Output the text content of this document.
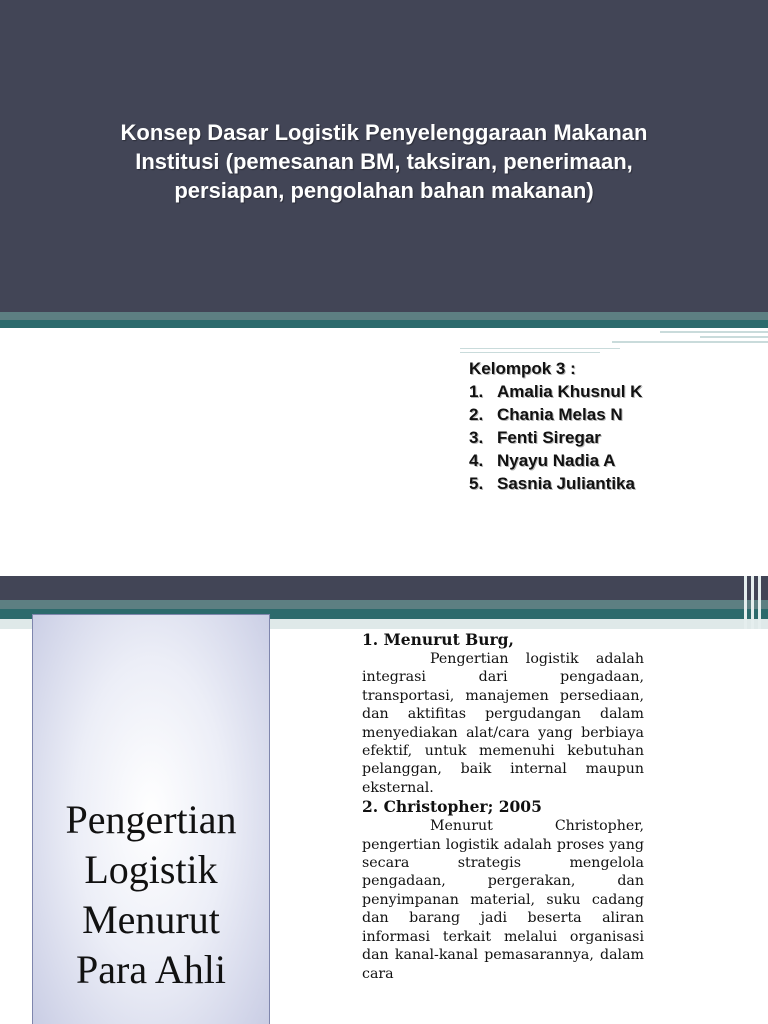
Konsep Dasar Logistik Penyelenggaraan Makanan Institusi (pemesanan BM, taksiran, penerimaan, persiapan, pengolahan bahan makanan)
Kelompok 3 :
1. Amalia Khusnul K
2. Chania Melas N
3. Fenti Siregar
4. Nyayu Nadia A
5. Sasnia Juliantika
Pengertian
Logistik
Menurut
Para Ahli
1. Menurut Burg,

Pengertian logistik adalah integrasi dari pengadaan, transportasi, manajemen persediaan, dan aktifitas pergudangan dalam menyediakan alat/cara yang berbiaya efektif, untuk memenuhi kebutuhan pelanggan, baik internal maupun eksternal.

2. Christopher; 2005

Menurut Christopher, pengertian logistik adalah proses yang secara strategis mengelola pengadaan, pergerakan, dan penyimpanan material, suku cadang dan barang jadi beserta aliran informasi terkait melalui organisasi dan kanal-kanal pemasarannya, dalam cara
